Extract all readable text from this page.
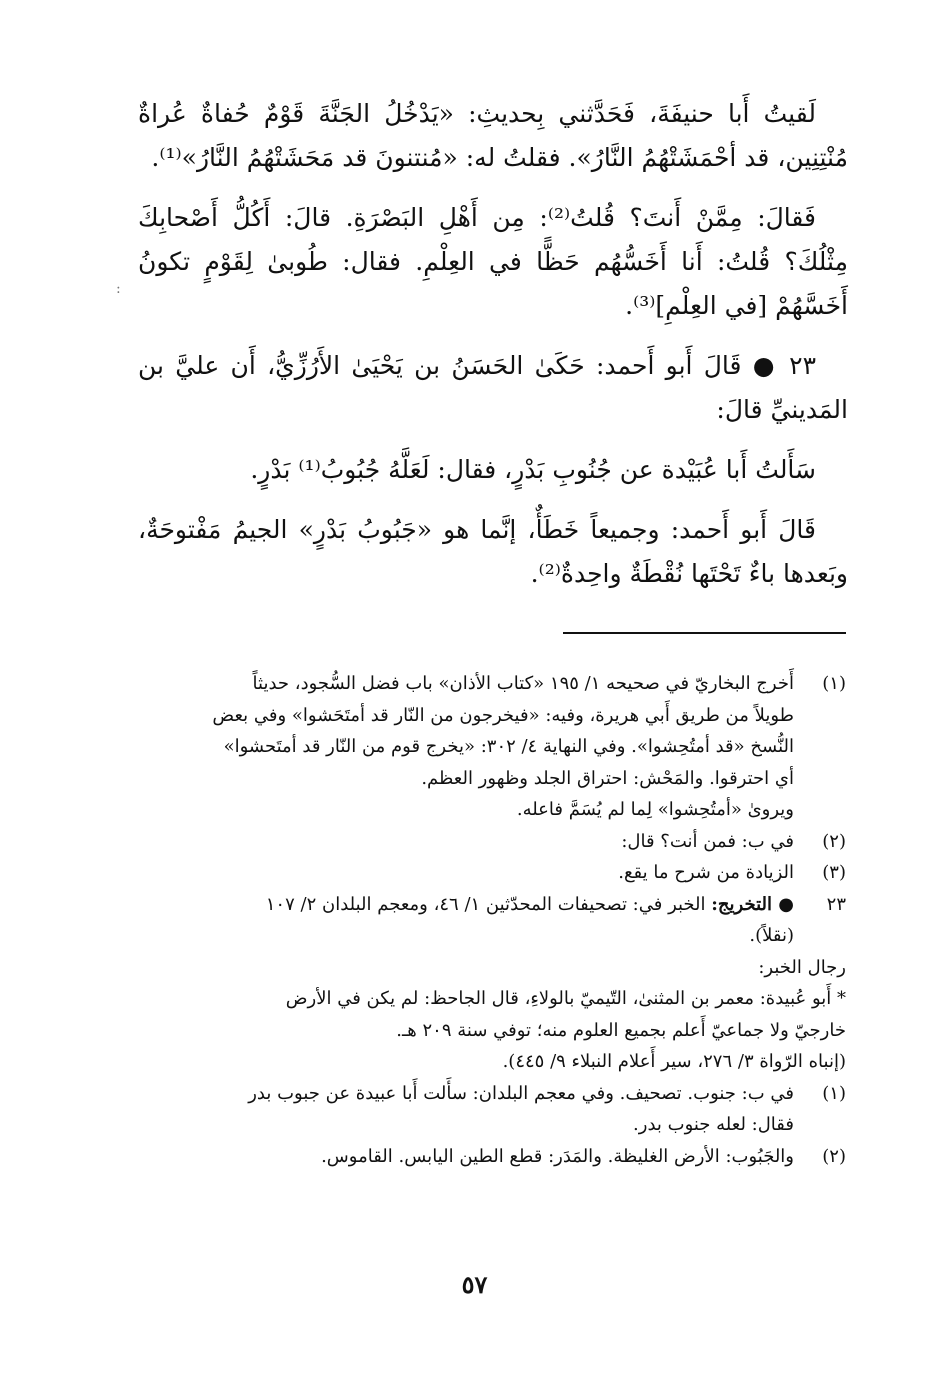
لَقيتُ أَبا حنيفَةَ، فَحَدَّثني بِحديثِ: «يَدْخُلُ الجَنَّةَ قَوْمٌ حُفاةٌ عُراةٌ مُنْتِنِين، قد أحْمَشَتْهُمُ النَّارُ». فقلتُ له: «مُنتنونَ قد مَحَشَتْهُمُ النَّارُ»⁽¹⁾.

فَقالَ: مِمَّنْ أَنتَ؟ قُلتُ⁽²⁾: مِن أَهْلِ البَصْرَةِ. قالَ: أَكُلُّ أَصْحابِكَ مِثْلُكَ؟ قُلتُ: أَنا أَخَسُّهُم حَظًّا في العِلْمِ. فقال: طُوبىٰ لِقَوْمٍ تكونُ أَخَسَّهُمْ [في العِلْمِ]⁽³⁾.

٢٣ ● قَالَ أَبو أَحمد: حَكَىٰ الحَسَنُ بن يَحْيَىٰ الأَرُزِّيُّ، أَن عليَّ بن المَدينيِّ قالَ:

سَأَلتُ أَبا عُبَيْدة عن جُنُوبِ بَدْرٍ، فقال: لَعَلَّهُ جُبُوبُ⁽¹⁾ بَدْرٍ.

قَالَ أَبو أَحمد: وجميعاً خَطَأٌ، إنَّما هو «جَبُوبُ بَدْرٍ» الجيمُ مَفْتوحَةٌ، وبَعدها باءٌ تَحْتَها نُقْطَةٌ واحِدةٌ⁽²⁾.

:
(١)
أَخرج البخاريّ في صحيحه ١/ ١٩٥ «كتاب الأذان» باب فضل السُّجود، حديثاً
طويلاً من طريق أَبي هريرة، وفيه: «فيخرجون من النّار قد أمتَحَشوا» وفي بعض
النُّسخ «قد أمتُحِشوا». وفي النهاية ٤/ ٣٠٢: «يخرج قوم من النّار قد أمتَحشوا»
أي احترقوا. والمَحْش: احتراق الجلد وظهور العظم.
ويروىٰ «أمتُحِشوا» لِما لم يُسَمَّ فاعله.
(٢)
في ب: فمن أنت؟ قال:
(٣)
الزيادة من شرح ما يقع.
٢٣
● التخريج: الخبر في: تصحيفات المحدّثين ١/ ٤٦، ومعجم البلدان ٢/ ١٠٧
(نقلاً).
رجال الخبر:
* أَبو عُبيدة: معمر بن المثنىٰ، التّيميّ بالولاءِ، قال الجاحظ: لم يكن في الأرض
خارجيّ ولا جماعيّ أَعلم بجميع العلوم منه؛ توفي سنة ٢٠٩ هـ.
(إنباه الرّواة ٣/ ٢٧٦، سير أَعلام النبلاء ٩/ ٤٤٥).
(١)
في ب: جنوب. تصحيف. وفي معجم البلدان: سأَلت أَبا عبيدة عن جبوب بدر
فقال: لعله جنوب بدر.
(٢)
والجَبُوب: الأرض الغليظة. والمَدَر: قطع الطين اليابس. القاموس.
٥٧
